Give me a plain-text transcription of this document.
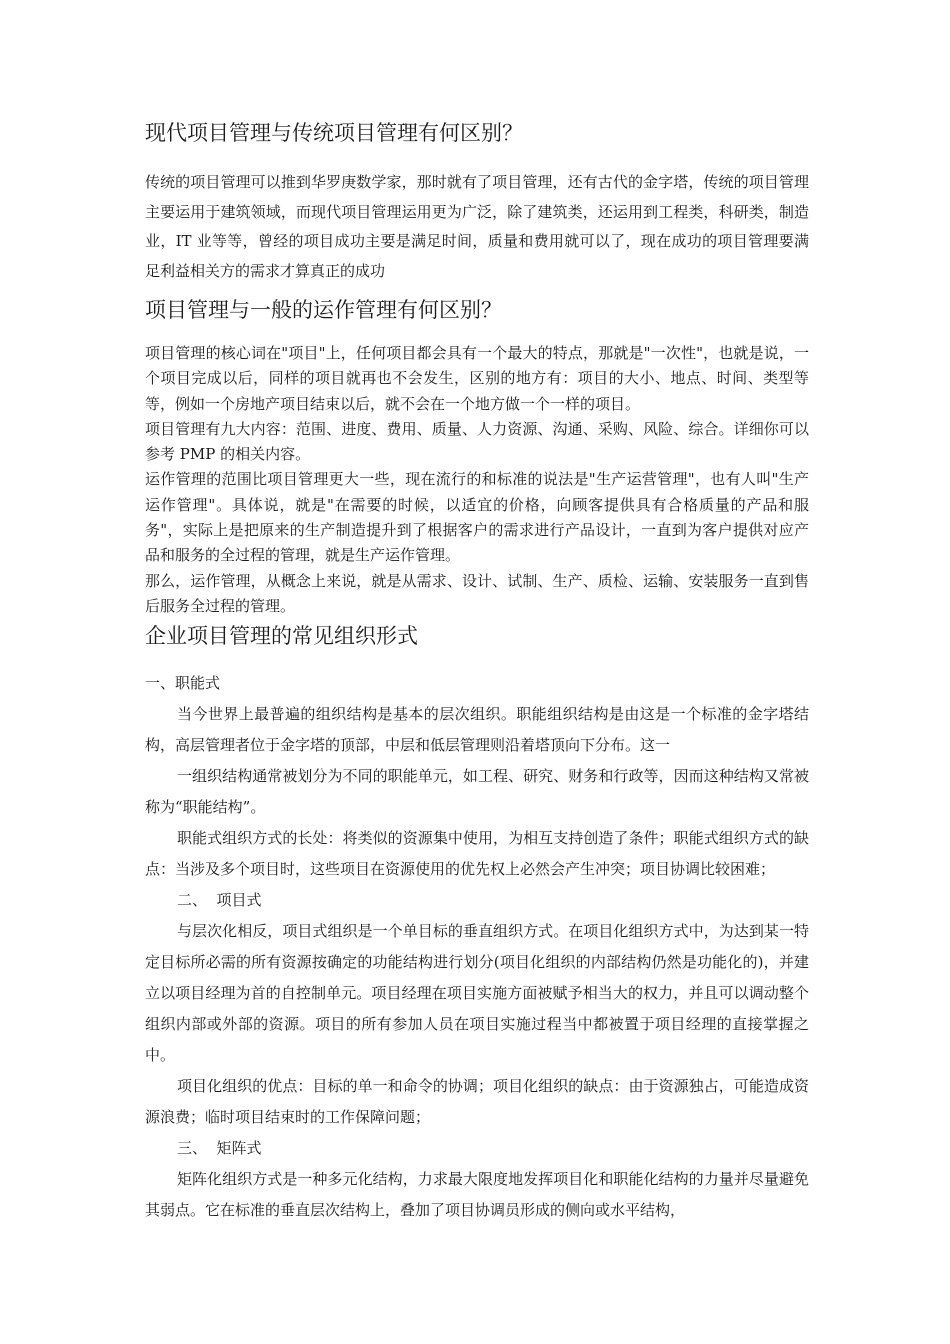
现代项目管理与传统项目管理有何区别？

传统的项目管理可以推到华罗庚数学家，那时就有了项目管理，还有古代的金字塔，传统的项目管理主要运用于建筑领域，而现代项目管理运用更为广泛，除了建筑类，还运用到工程类，科研类，制造业，IT 业等等，曾经的项目成功主要是满足时间，质量和费用就可以了，现在成功的项目管理要满足利益相关方的需求才算真正的成功

项目管理与一般的运作管理有何区别？

项目管理的核心词在"项目"上，任何项目都会具有一个最大的特点，那就是"一次性"，也就是说，一个项目完成以后，同样的项目就再也不会发生，区别的地方有：项目的大小、地点、时间、类型等等，例如一个房地产项目结束以后，就不会在一个地方做一个一样的项目。

项目管理有九大内容：范围、进度、费用、质量、人力资源、沟通、采购、风险、综合。详细你可以参考 PMP 的相关内容。

运作管理的范围比项目管理更大一些，现在流行的和标准的说法是"生产运营管理"，也有人叫"生产运作管理"。具体说，就是"在需要的时候，以适宜的价格，向顾客提供具有合格质量的产品和服务"，实际上是把原来的生产制造提升到了根据客户的需求进行产品设计，一直到为客户提供对应产品和服务的全过程的管理，就是生产运作管理。

那么，运作管理，从概念上来说，就是从需求、设计、试制、生产、质检、运输、安装服务一直到售后服务全过程的管理。

企业项目管理的常见组织形式

一、职能式

当今世界上最普遍的组织结构是基本的层次组织。职能组织结构是由这是一个标准的金字塔结构，高层管理者位于金字塔的顶部，中层和低层管理则沿着塔顶向下分布。这一

一组织结构通常被划分为不同的职能单元，如工程、研究、财务和行政等，因而这种结构又常被称为“职能结构”。

职能式组织方式的长处：将类似的资源集中使用，为相互支持创造了条件；职能式组织方式的缺点：当涉及多个项目时，这些项目在资源使用的优先权上必然会产生冲突；项目协调比较困难；

二、  项目式

与层次化相反，项目式组织是一个单目标的垂直组织方式。在项目化组织方式中，为达到某一特定目标所必需的所有资源按确定的功能结构进行划分(项目化组织的内部结构仍然是功能化的)，并建立以项目经理为首的自控制单元。项目经理在项目实施方面被赋予相当大的权力，并且可以调动整个组织内部或外部的资源。项目的所有参加人员在项目实施过程当中都被置于项目经理的直接掌握之中。

项目化组织的优点：目标的单一和命令的协调；项目化组织的缺点：由于资源独占，可能造成资源浪费；临时项目结束时的工作保障问题；

三、  矩阵式

矩阵化组织方式是一种多元化结构，力求最大限度地发挥项目化和职能化结构的力量并尽量避免其弱点。它在标准的垂直层次结构上，叠加了项目协调员形成的侧向或水平结构，
